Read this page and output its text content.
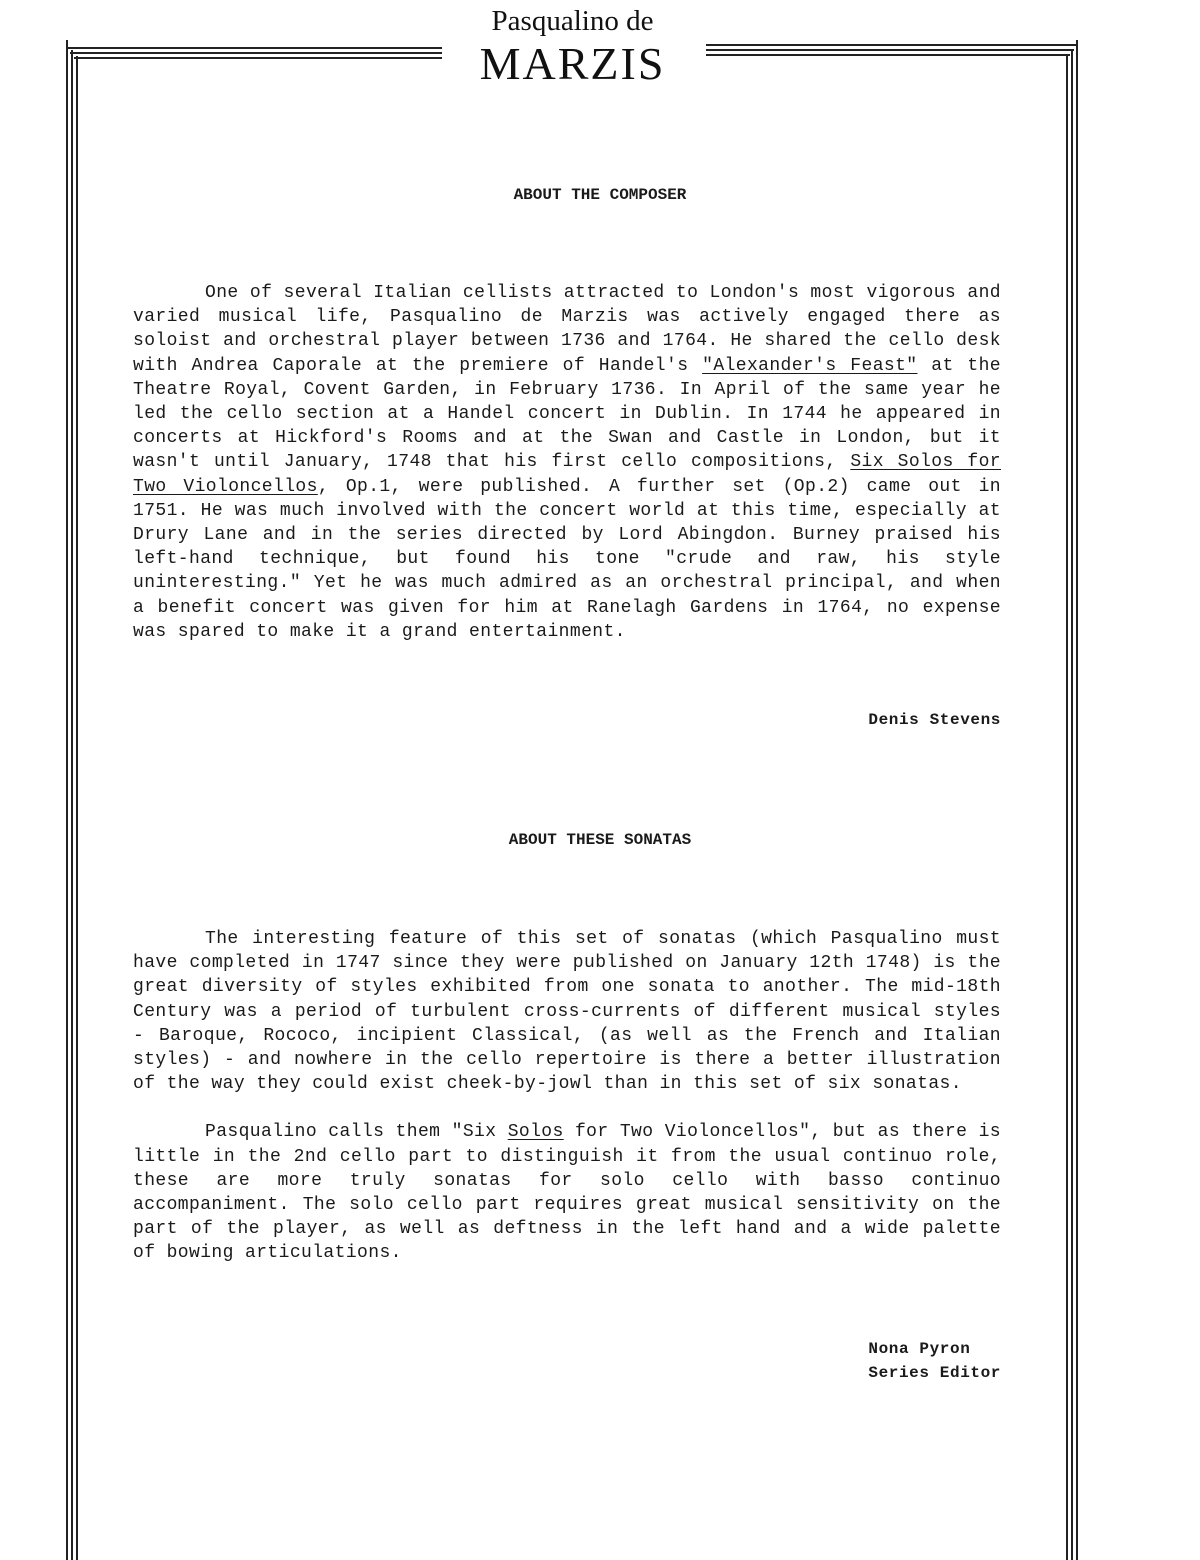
Pasqualino de
MARZIS
ABOUT THE COMPOSER

One of several Italian cellists attracted to London's most vigorous and varied musical life, Pasqualino de Marzis was actively engaged there as soloist and orchestral player between 1736 and 1764. He shared the cello desk with Andrea Caporale at the premiere of Handel's "Alexander's Feast" at the Theatre Royal, Covent Garden, in February 1736. In April of the same year he led the cello section at a Handel concert in Dublin. In 1744 he appeared in concerts at Hickford's Rooms and at the Swan and Castle in London, but it wasn't until January, 1748 that his first cello compositions, Six Solos for Two Violoncellos, Op.1, were published. A further set (Op.2) came out in 1751. He was much involved with the concert world at this time, especially at Drury Lane and in the series directed by Lord Abingdon. Burney praised his left-hand technique, but found his tone "crude and raw, his style uninteresting." Yet he was much admired as an orchestral principal, and when a benefit concert was given for him at Ranelagh Gardens in 1764, no expense was spared to make it a grand entertainment.

Denis Stevens
ABOUT THESE SONATAS

The interesting feature of this set of sonatas (which Pasqualino must have completed in 1747 since they were published on January 12th 1748) is the great diversity of styles exhibited from one sonata to another. The mid-18th Century was a period of turbulent cross-currents of different musical styles - Baroque, Rococo, incipient Classical, (as well as the French and Italian styles) - and nowhere in the cello repertoire is there a better illustration of the way they could exist cheek-by-jowl than in this set of six sonatas.

Pasqualino calls them "Six Solos for Two Violoncellos", but as there is little in the 2nd cello part to distinguish it from the usual continuo role, these are more truly sonatas for solo cello with basso continuo accompaniment. The solo cello part requires great musical sensitivity on the part of the player, as well as deftness in the left hand and a wide palette of bowing articulations.

Nona Pyron
Series Editor
